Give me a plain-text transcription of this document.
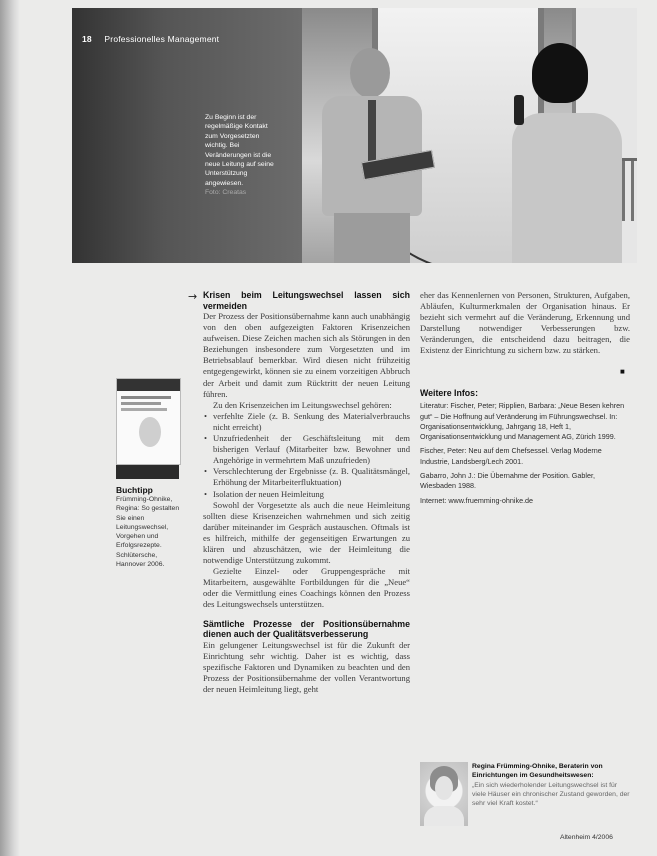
18 Professionelles Management
Zu Beginn ist der regelmäßige Kontakt zum Vorgesetzten wichtig. Bei Veränderungen ist die neue Leitung auf seine Unterstützung angewiesen.
Foto: Creatas
→ Krisen beim Leitungswechsel lassen sich vermeiden

Der Prozess der Positionsübernahme kann auch unabhängig von den oben aufgezeigten Faktoren Krisenzeichen aufweisen. Diese Zeichen machen sich als Störungen in den Beziehungen insbesondere zum Vorgesetzten und im Betriebsablauf bemerkbar. Wird diesen nicht frühzeitig entgegengewirkt, können sie zu einem vorzeitigen Abbruch der Arbeit und damit zum Rücktritt der neuen Leitung führen.

Zu den Krisenzeichen im Leitungswechsel gehören:

• verfehlte Ziele (z. B. Senkung des Materialverbrauchs nicht erreicht)
• Unzufriedenheit der Geschäftsleitung mit dem bisherigen Verlauf (Mitarbeiter bzw. Bewohner und Angehörige in vermehrtem Maß unzufrieden)
• Verschlechterung der Ergebnisse (z. B. Qualitätsmängel, Erhöhung der Mitarbeiterfluktuation)
• Isolation der neuen Heimleitung

Sowohl der Vorgesetzte als auch die neue Heimleitung sollten diese Krisenzeichen wahrnehmen und sich zeitig darüber miteinander im Gespräch austauschen. Oftmals ist es hilfreich, mithilfe der gegenseitigen Erwartungen zu klären und abzuschätzen, wie der Heimleitung die notwendige Unterstützung zukommt.

Gezielte Einzel- oder Gruppengespräche mit Mitarbeitern, ausgewählte Fortbildungen für die „Neue“ oder die Vermittlung eines Coachings können den Prozess des Leitungswechsels unterstützen.

Sämtliche Prozesse der Positionsübernahme dienen auch der Qualitätsverbesserung

Ein gelungener Leitungswechsel ist für die Zukunft der Einrichtung sehr wichtig. Daher ist es wichtig, dass spezifische Faktoren und Dynamiken zu beachten und den Prozess der Positionsübernahme der vollen Verantwortung der neuen Heimleitung liegt, geht

eher das Kennenlernen von Personen, Strukturen, Aufgaben, Abläufen, Kulturmerkmalen der Organisation hinaus. Er bezieht sich vermehrt auf die Veränderung, Erkennung und Darstellung notwendiger Verbesserungen bzw. Veränderungen, die entscheidend dazu beitragen, die Existenz der Einrichtung zu sichern bzw. zu stärken.

■
Weitere Infos:

Literatur: Fischer, Peter; Ripplien, Barbara: „Neue Besen kehren gut“ – Die Hoffnung auf Veränderung im Führungswechsel. In: Organisationsentwicklung, Jahrgang 18, Heft 1, Organisationsentwicklung und Management AG, Zürich 1999.

Fischer, Peter: Neu auf dem Chefsessel. Verlag Moderne Industrie, Landsberg/Lech 2001.

Gabarro, John J.: Die Übernahme der Position. Gabler, Wiesbaden 1988.

Internet: www.fruemming-ohnike.de

Buchtipp
Frümming-Ohnike, Regina: So gestalten Sie einen Leitungswechsel, Vorgehen und Erfolgsrezepte. Schlütersche, Hannover 2006.
Regina Frümming-Ohnike, Beraterin von Einrichtungen im Gesundheitswesen:
„Ein sich wiederholender Leitungswechsel ist für viele Häuser ein chronischer Zustand geworden, der sehr viel Kraft kostet.“
Altenheim 4/2006
